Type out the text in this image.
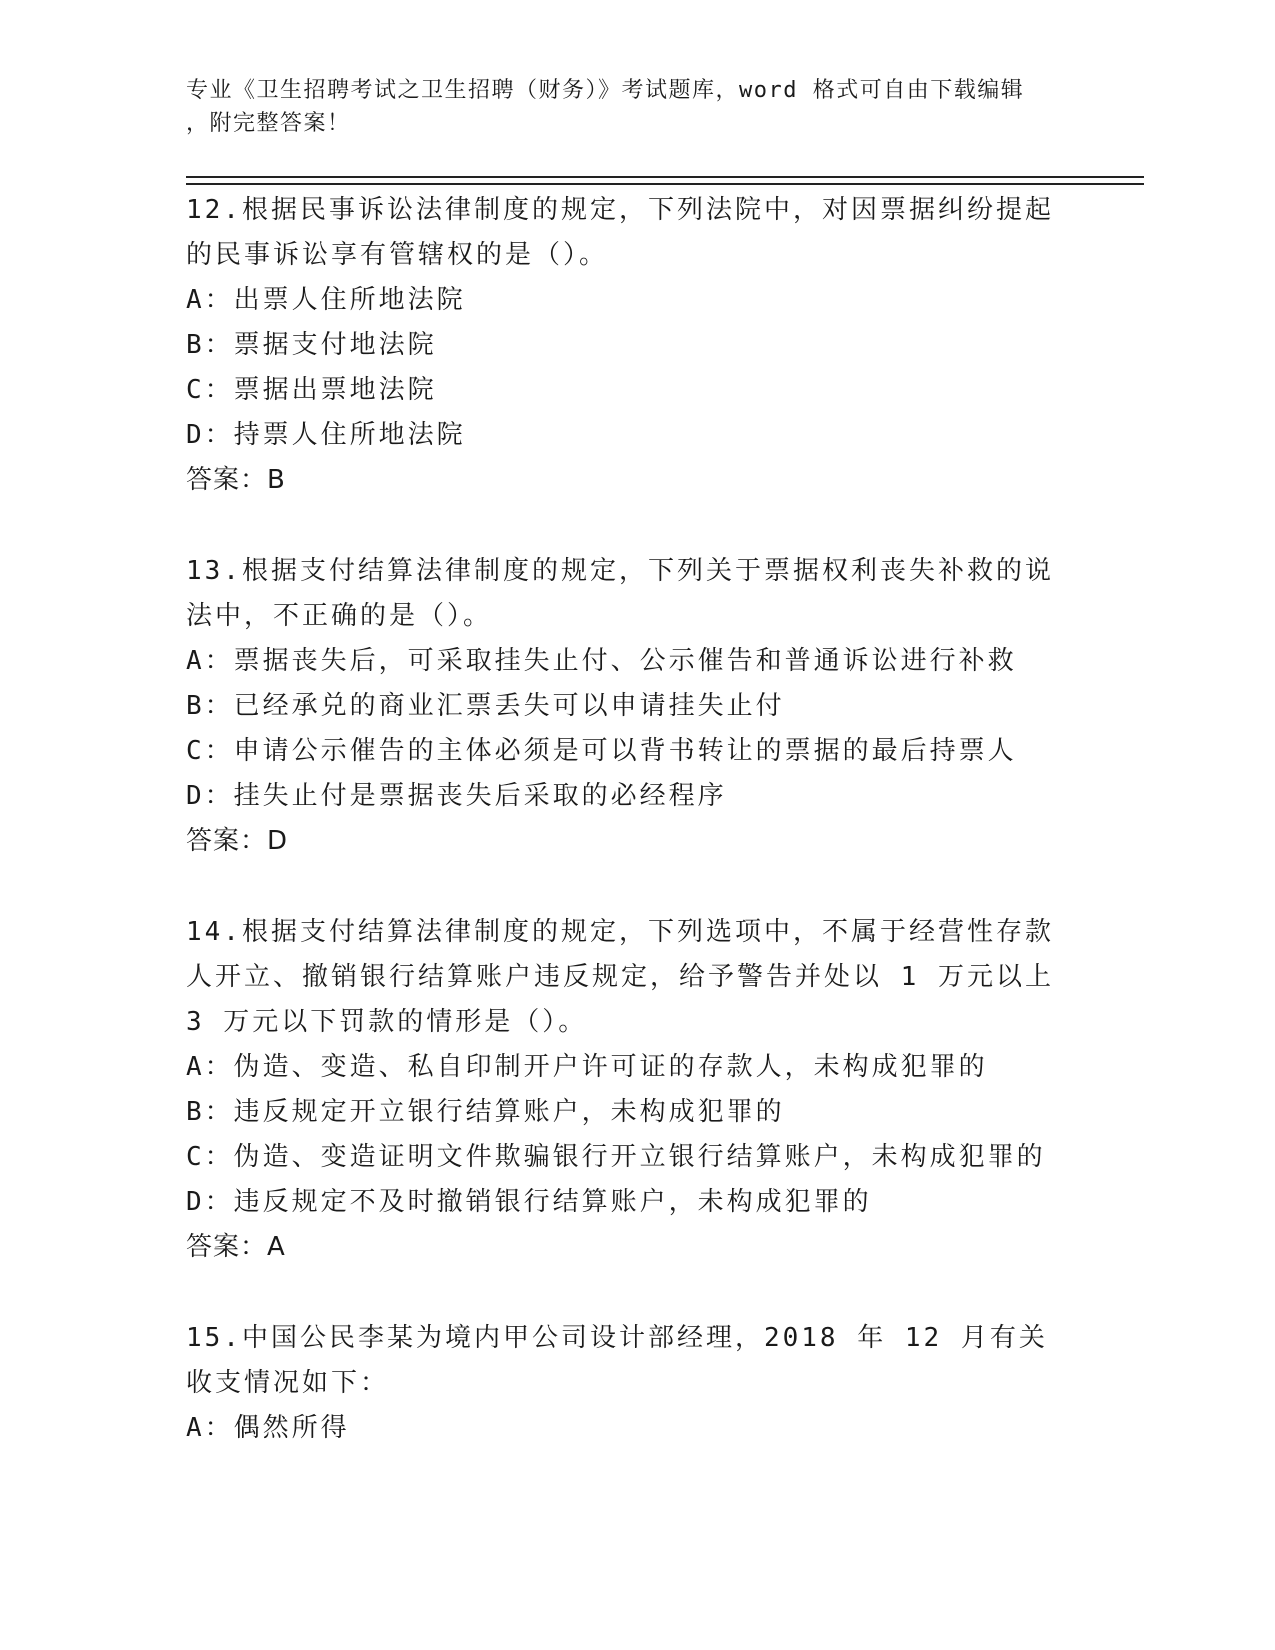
专业《卫生招聘考试之卫生招聘（财务）》考试题库，word 格式可自由下载编辑
，附完整答案！

12.根据民事诉讼法律制度的规定，下列法院中，对因票据纠纷提起的民事诉讼享有管辖权的是（）。

A：出票人住所地法院

B：票据支付地法院

C：票据出票地法院

D：持票人住所地法院

答案：B

13.根据支付结算法律制度的规定，下列关于票据权利丧失补救的说法中，不正确的是（）。

A：票据丧失后，可采取挂失止付、公示催告和普通诉讼进行补救

B：已经承兑的商业汇票丢失可以申请挂失止付

C：申请公示催告的主体必须是可以背书转让的票据的最后持票人

D：挂失止付是票据丧失后采取的必经程序

答案：D

14.根据支付结算法律制度的规定，下列选项中，不属于经营性存款人开立、撤销银行结算账户违反规定，给予警告并处以 1 万元以上 3 万元以下罚款的情形是（）。

A：伪造、变造、私自印制开户许可证的存款人，未构成犯罪的

B：违反规定开立银行结算账户，未构成犯罪的

C：伪造、变造证明文件欺骗银行开立银行结算账户，未构成犯罪的

D：违反规定不及时撤销银行结算账户，未构成犯罪的

答案：A

15.中国公民李某为境内甲公司设计部经理，2018 年 12 月有关收支情况如下：

A：偶然所得
